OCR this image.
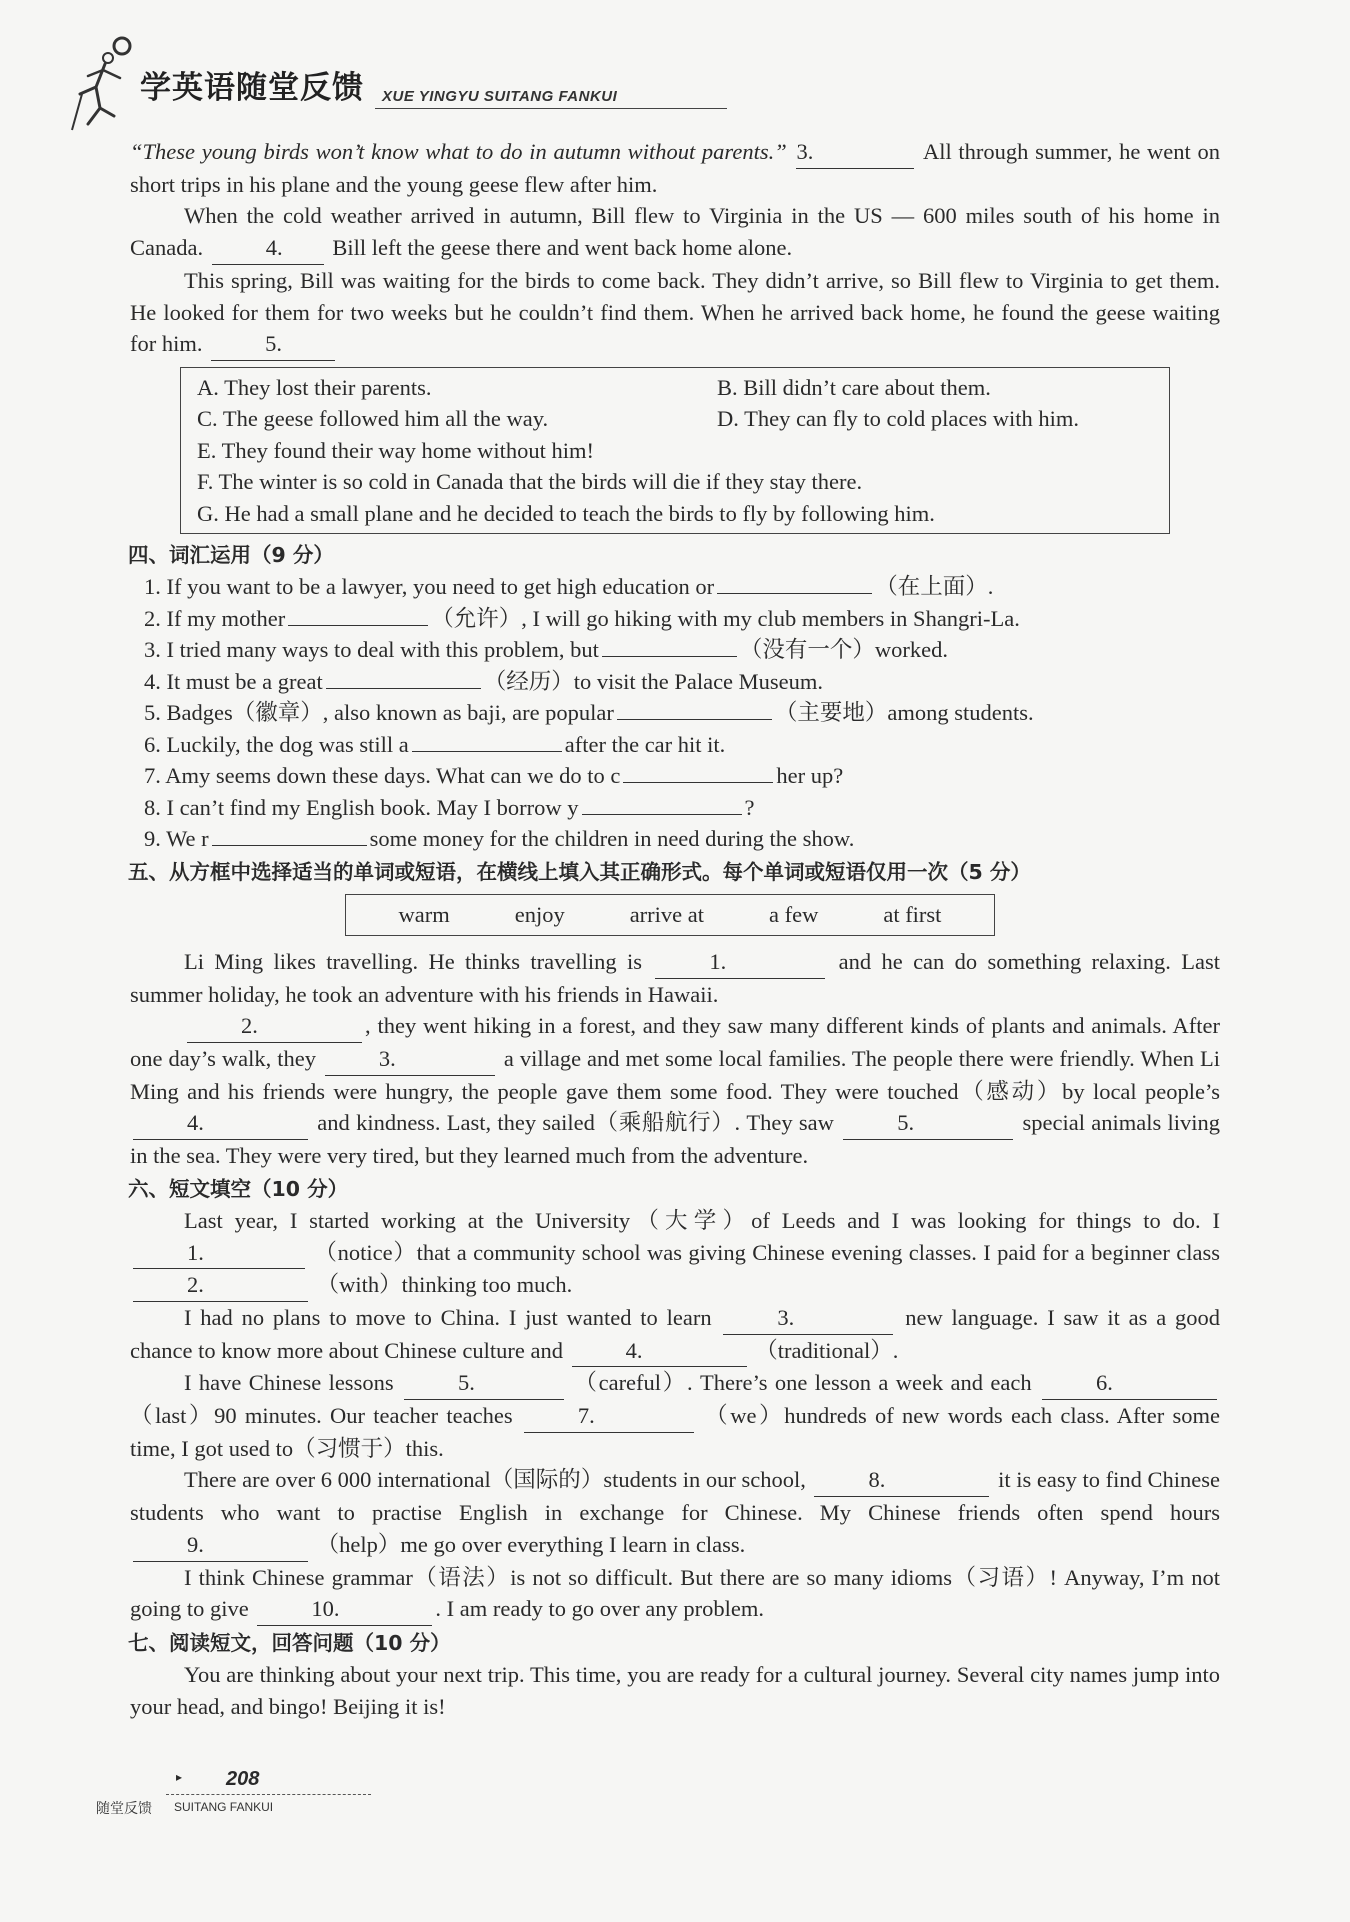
学英语随堂反馈 XUE YINGYU SUITANG FANKUI

“These young birds won’t know what to do in autumn without parents.” 3.	All through summer, he went on short trips in his plane and the young geese flew after him.

When the cold weather arrived in autumn, Bill flew to Virginia in the US — 600 miles south of his home in Canada.	4. Bill left the geese there and went back home alone.

This spring, Bill was waiting for the birds to come back. They didn’t arrive, so Bill flew to Virginia to get them. He looked for them for two weeks but he couldn’t find them. When he arrived back home, he found the geese waiting for him.	5.

A. They lost their parents.	B. Bill didn’t care about them.
C. The geese followed him all the way.	D. They can fly to cold places with him.
E. They found their way home without him!
F. The winter is so cold in Canada that the birds will die if they stay there.
G. He had a small plane and he decided to teach the birds to fly by following him.
四、词汇运用（9 分）
1. If you want to be a lawyer, you need to get high education or	（在上面）.
2. If my mother	（允许）, I will go hiking with my club members in Shangri-La.
3. I tried many ways to deal with this problem, but	（没有一个）worked.
4. It must be a great	（经历）to visit the Palace Museum.
5. Badges（徽章）, also known as baji, are popular	（主要地）among students.
6. Luckily, the dog was still a	after the car hit it.
7. Amy seems down these days. What can we do to c	her up?
8. I can’t find my English book. May I borrow y	?
9. We r	some money for the children in need during the show.
五、从方框中选择适当的单词或短语，在横线上填入其正确形式。每个单词或短语仅用一次（5 分）
warm	enjoy	arrive at	a few	at first

Li Ming likes travelling. He thinks travelling is	1.	and he can do something relaxing. Last summer holiday, he took an adventure with his friends in Hawaii.

2.	, they went hiking in a forest, and they saw many different kinds of plants and animals. After one day’s walk, they	3.	a village and met some local families. The people there were friendly. When Li Ming and his friends were hungry, the people gave them some food. They were touched（感动）by local people’s 4.	and kindness. Last, they sailed（乘船航行）. They saw	5.	special animals living in the sea. They were very tired, but they learned much from the adventure.

六、短文填空（10 分）

Last year, I started working at the University（大学）of Leeds and I was looking for things to do. I1.	（notice）that a community school was giving Chinese evening classes. I paid for a beginner class 2.	（with）thinking too much.

I had no plans to move to China. I just wanted to learn	3.	new language. I saw it as a good chance to know more about Chinese culture and	4.	（traditional）.

I have Chinese lessons	5.	（careful）. There’s one lesson a week and each	6. （last）90 minutes. Our teacher teaches	7.	（we）hundreds of new words each class. After some time, I got used to（习惯于）this.

There are over 6 000 international（国际的）students in our school,	8.	it is easy to find Chinese students who want to practise English in exchange for Chinese. My Chinese friends often spend hours 9.	（help）me go over everything I learn in class.

I think Chinese grammar（语法）is not so difficult. But there are so many idioms（习语）! Anyway, I’m not going to give	10.	. I am ready to go over any problem.

七、阅读短文，回答问题（10 分）

You are thinking about your next trip. This time, you are ready for a cultural journey. Several city names jump into your head, and bingo! Beijing it is!

▸ 208
随堂反馈 SUITANG FANKUI
